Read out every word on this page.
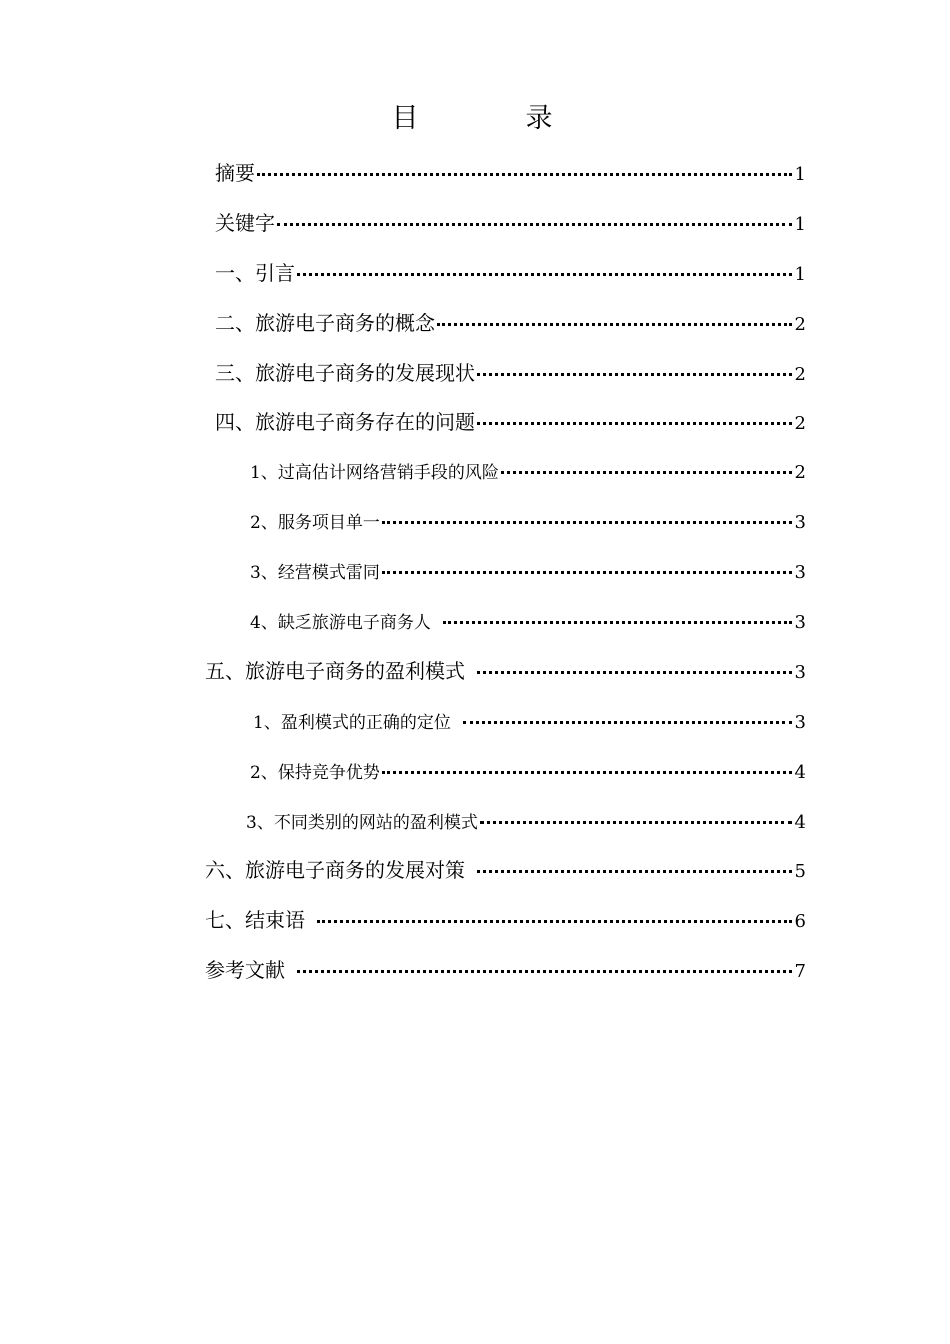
目　录
摘要	1
关键字	1
一、引言	1
二、旅游电子商务的概念	2
三、旅游电子商务的发展现状	2
四、旅游电子商务存在的问题	2
1、过高估计网络营销手段的风险	2
2、服务项目单一	3
3、经营模式雷同	3
4、缺乏旅游电子商务人	3
五、旅游电子商务的盈利模式	3
1、盈利模式的正确的定位	3
2、保持竞争优势	4
3、不同类别的网站的盈利模式	4
六、旅游电子商务的发展对策	5
七、结束语	6
参考文献	7
